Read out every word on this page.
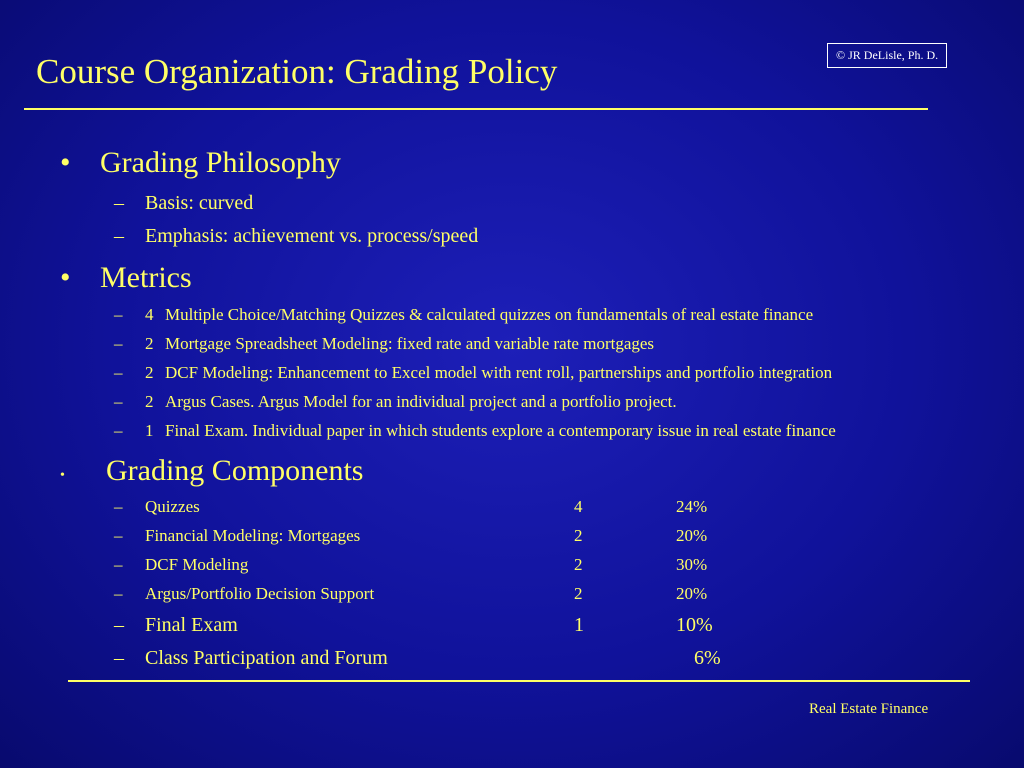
© JR DeLisle, Ph. D.
Course Organization: Grading Policy
• Grading Philosophy
– Basis: curved
– Emphasis: achievement vs. process/speed
• Metrics
– 4 Multiple Choice/Matching Quizzes & calculated quizzes on fundamentals of real estate finance
– 2 Mortgage Spreadsheet Modeling: fixed rate and variable rate mortgages
– 2 DCF Modeling: Enhancement to Excel model with rent roll, partnerships and portfolio integration
– 2 Argus Cases. Argus Model for an individual project and a portfolio project.
– 1 Final Exam. Individual paper in which students explore a contemporary issue in real estate finance
• Grading Components
– Quizzes	4	24%
– Financial Modeling: Mortgages	2	20%
– DCF Modeling	2	30%
– Argus/Portfolio Decision Support	2	20%
– Final Exam	1	10%
– Class Participation and Forum	6%
Real Estate Finance
